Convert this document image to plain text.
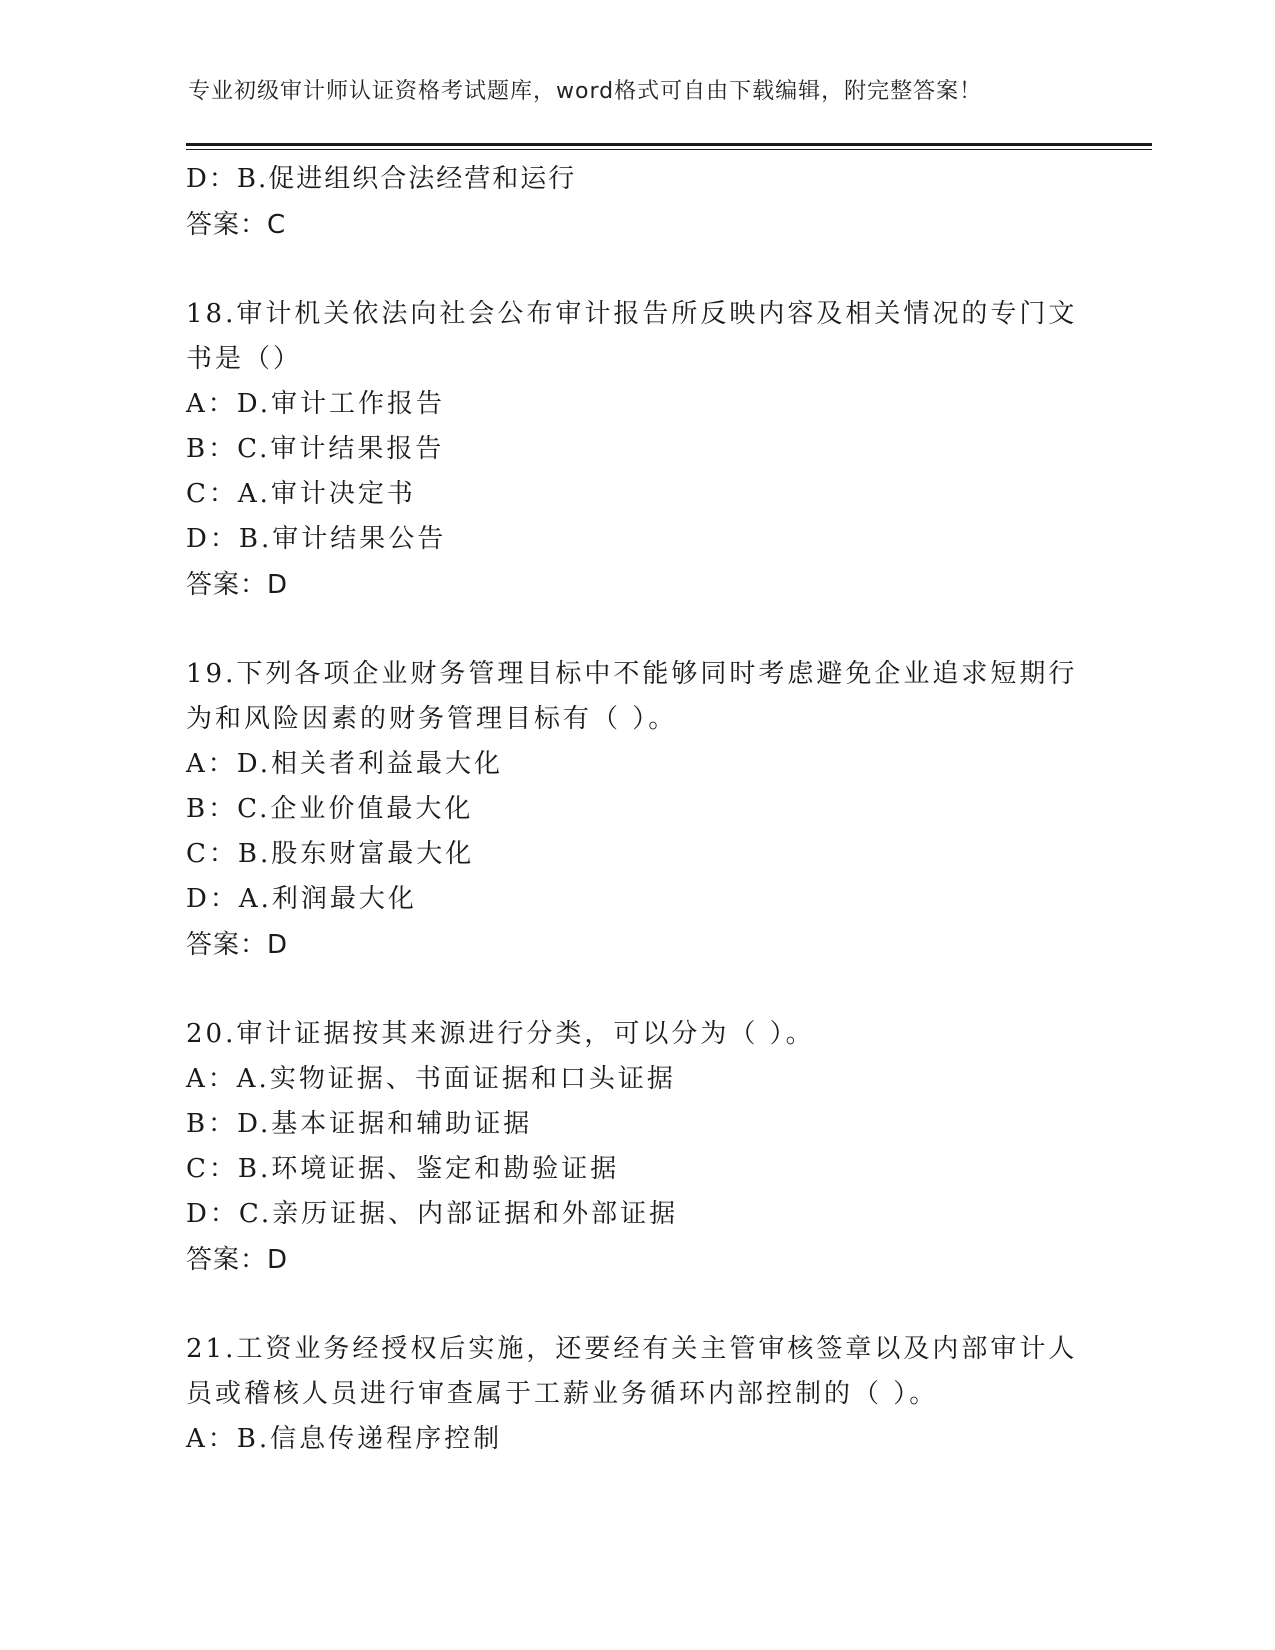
专业初级审计师认证资格考试题库，word格式可自由下载编辑，附完整答案！
D：B.促进组织合法经营和运行
答案：C
18.审计机关依法向社会公布审计报告所反映内容及相关情况的专门文
书是（）
A：D.审计工作报告
B：C.审计结果报告
C：A.审计决定书
D：B.审计结果公告
答案：D
19.下列各项企业财务管理目标中不能够同时考虑避免企业追求短期行
为和风险因素的财务管理目标有（ ）。
A：D.相关者利益最大化
B：C.企业价值最大化
C：B.股东财富最大化
D：A.利润最大化
答案：D
20.审计证据按其来源进行分类，可以分为（ ）。
A：A.实物证据、书面证据和口头证据
B：D.基本证据和辅助证据
C：B.环境证据、鉴定和勘验证据
D：C.亲历证据、内部证据和外部证据
答案：D
21.工资业务经授权后实施，还要经有关主管审核签章以及内部审计人
员或稽核人员进行审查属于工薪业务循环内部控制的（ ）。
A：B.信息传递程序控制
